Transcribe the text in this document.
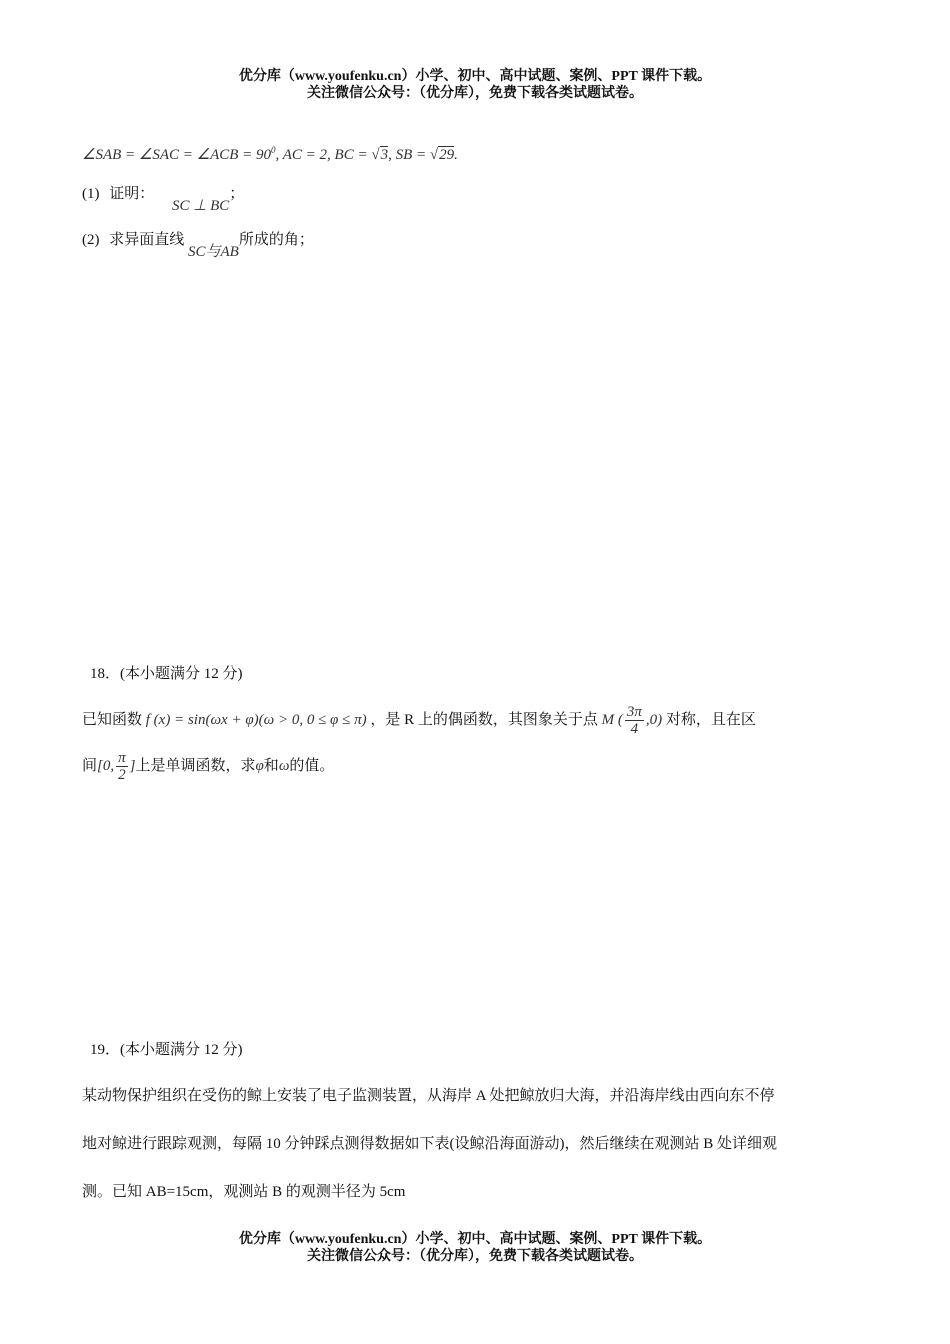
优分库（www.youfenku.cn）小学、初中、高中试题、案例、PPT 课件下载。
关注微信公众号：（优分库），免费下载各类试题试卷。
∠SAB = ∠SAC = ∠ACB = $90^0$, AC = 2, BC = √3, SB = √29.
(1) 证明： SC ⊥ BC；
(2) 求异面直线 SC与AB所成的角；
18．(本小题满分 12 分)
已知函数 f (x) = sin(ωx + φ)(ω > 0, 0 ≤ φ ≤ π) ，是 R 上的偶函数，其图象关于点 M ( $\frac{3\pi}{4} ,0$) 对称，且在区
间[0, $\frac{\pi}{2}$ ]上是单调函数，求φ和ω的值。
19．(本小题满分 12 分)
某动物保护组织在受伤的鲸上安装了电子监测装置，从海岸 A 处把鲸放归大海，并沿海岸线由西向东不停
地对鲸进行跟踪观测，每隔 10 分钟踩点测得数据如下表(设鲸沿海面游动)，然后继续在观测站 B 处详细观
测。已知 AB=15cm，观测站 B 的观测半径为 5cm
优分库（www.youfenku.cn）小学、初中、高中试题、案例、PPT 课件下载。
关注微信公众号：（优分库），免费下载各类试题试卷。
